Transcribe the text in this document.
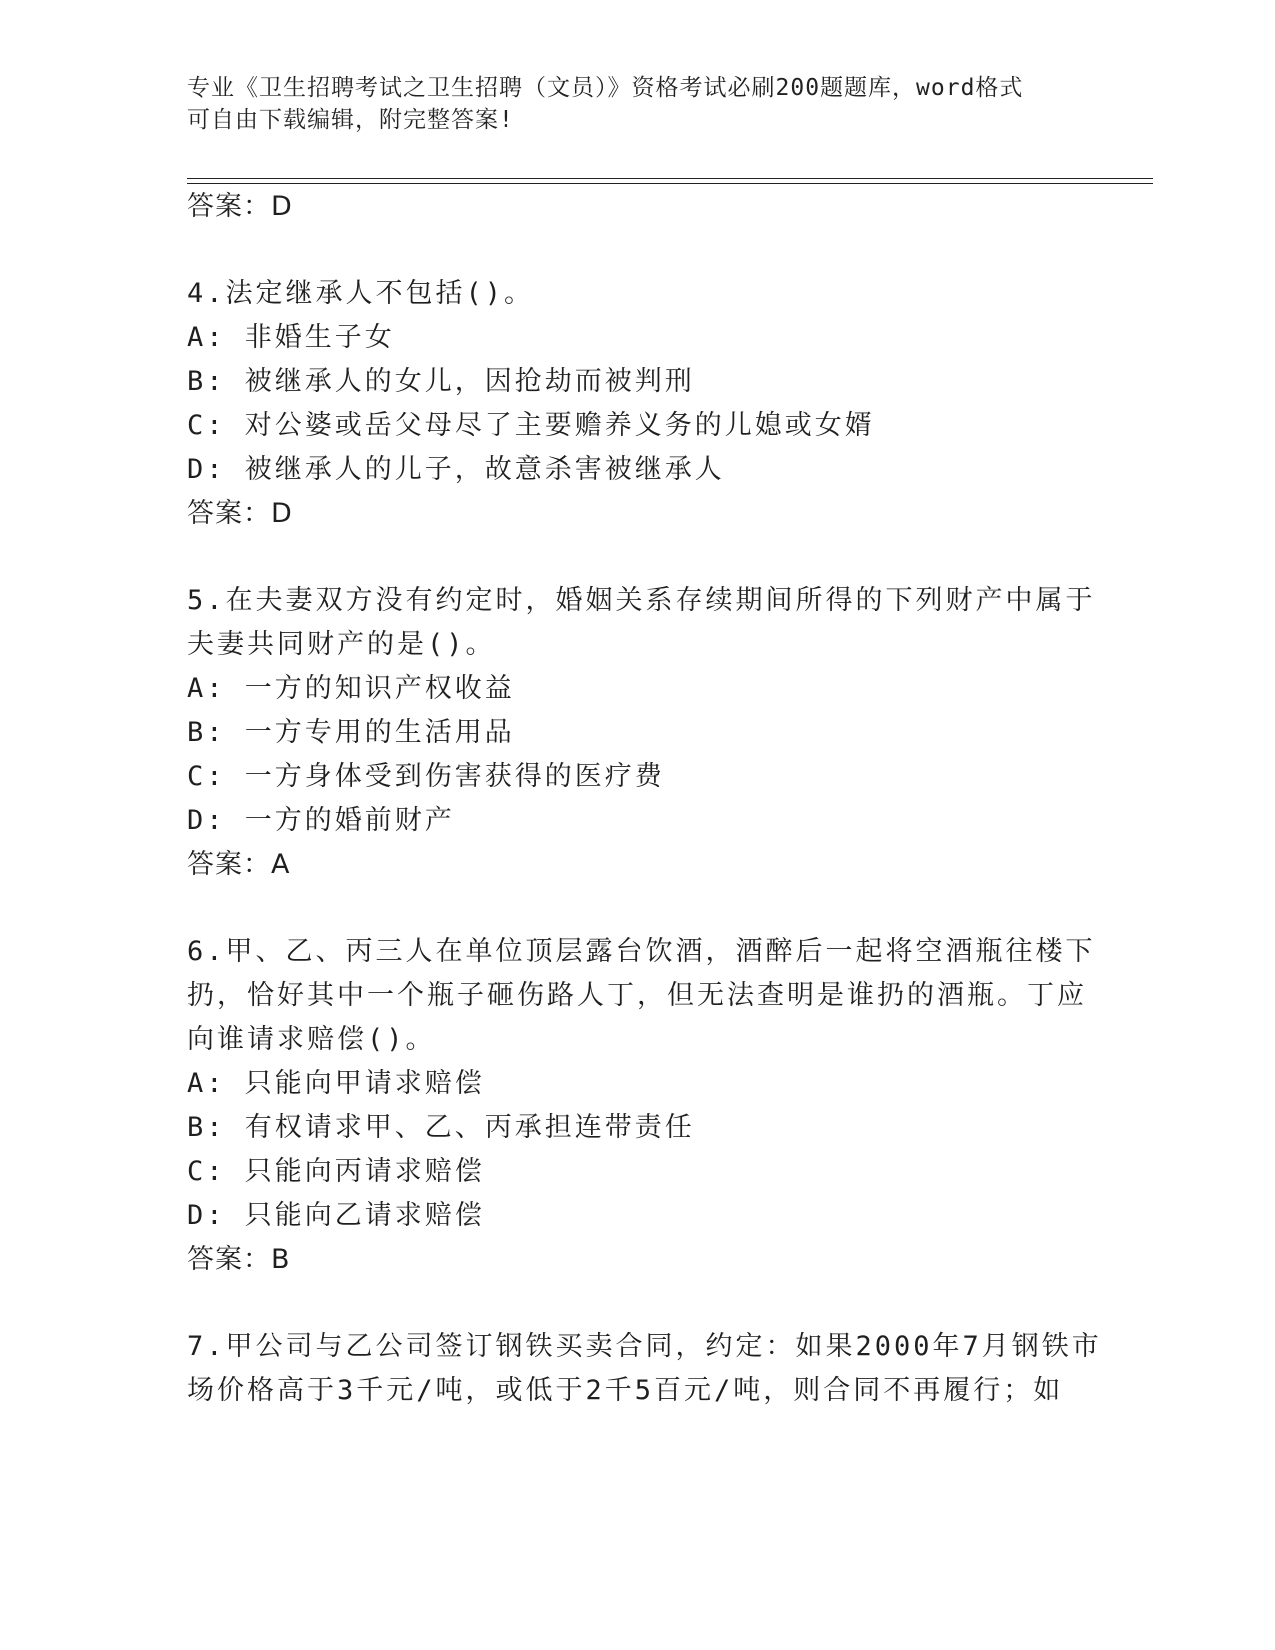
专业《卫生招聘考试之卫生招聘（文员）》资格考试必刷200题题库，word格式
可自由下载编辑，附完整答案!
答案：D
4.法定继承人不包括()。
A: 非婚生子女
B: 被继承人的女儿，因抢劫而被判刑
C: 对公婆或岳父母尽了主要赡养义务的儿媳或女婿
D: 被继承人的儿子，故意杀害被继承人
答案：D
5.在夫妻双方没有约定时，婚姻关系存续期间所得的下列财产中属于
夫妻共同财产的是()。
A: 一方的知识产权收益
B: 一方专用的生活用品
C: 一方身体受到伤害获得的医疗费
D: 一方的婚前财产
答案：A
6.甲、乙、丙三人在单位顶层露台饮酒，酒醉后一起将空酒瓶往楼下
扔，恰好其中一个瓶子砸伤路人丁，但无法查明是谁扔的酒瓶。丁应
向谁请求赔偿()。
A: 只能向甲请求赔偿
B: 有权请求甲、乙、丙承担连带责任
C: 只能向丙请求赔偿
D: 只能向乙请求赔偿
答案：B
7.甲公司与乙公司签订钢铁买卖合同，约定：如果2000年7月钢铁市
场价格高于3千元/吨，或低于2千5百元/吨，则合同不再履行；如
